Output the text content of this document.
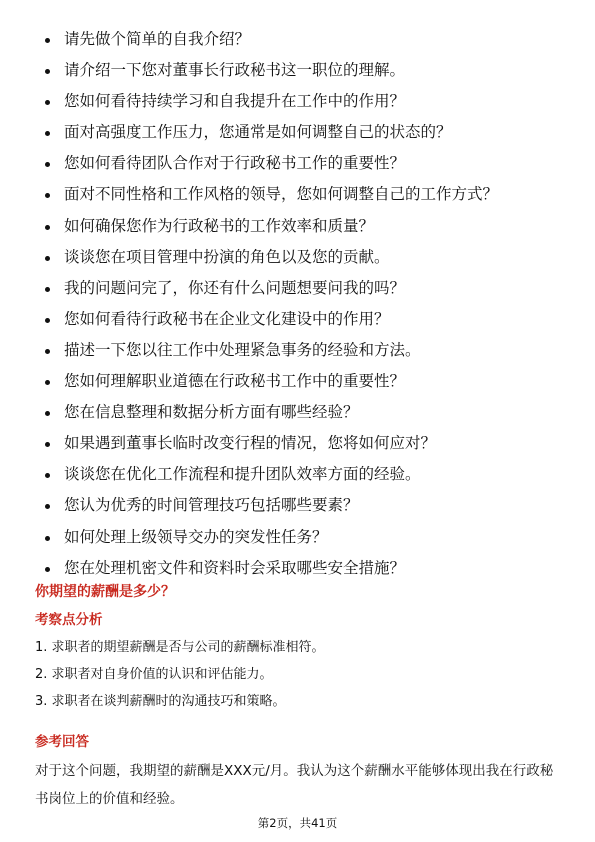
请先做个简单的自我介绍？
请介绍一下您对董事长行政秘书这一职位的理解。
您如何看待持续学习和自我提升在工作中的作用？
面对高强度工作压力，您通常是如何调整自己的状态的？
您如何看待团队合作对于行政秘书工作的重要性？
面对不同性格和工作风格的领导，您如何调整自己的工作方式？
如何确保您作为行政秘书的工作效率和质量？
谈谈您在项目管理中扮演的角色以及您的贡献。
我的问题问完了，你还有什么问题想要问我的吗？
您如何看待行政秘书在企业文化建设中的作用？
描述一下您以往工作中处理紧急事务的经验和方法。
您如何理解职业道德在行政秘书工作中的重要性？
您在信息整理和数据分析方面有哪些经验？
如果遇到董事长临时改变行程的情况，您将如何应对？
谈谈您在优化工作流程和提升团队效率方面的经验。
您认为优秀的时间管理技巧包括哪些要素？
如何处理上级领导交办的突发性任务？
您在处理机密文件和资料时会采取哪些安全措施？
你期望的薪酬是多少？
考察点分析
1. 求职者的期望薪酬是否与公司的薪酬标准相符。
2. 求职者对自身价值的认识和评估能力。
3. 求职者在谈判薪酬时的沟通技巧和策略。
参考回答

对于这个问题，我期望的薪酬是XXX元/月。我认为这个薪酬水平能够体现出我在行政秘书岗位上的价值和经验。

第2页，共41页
